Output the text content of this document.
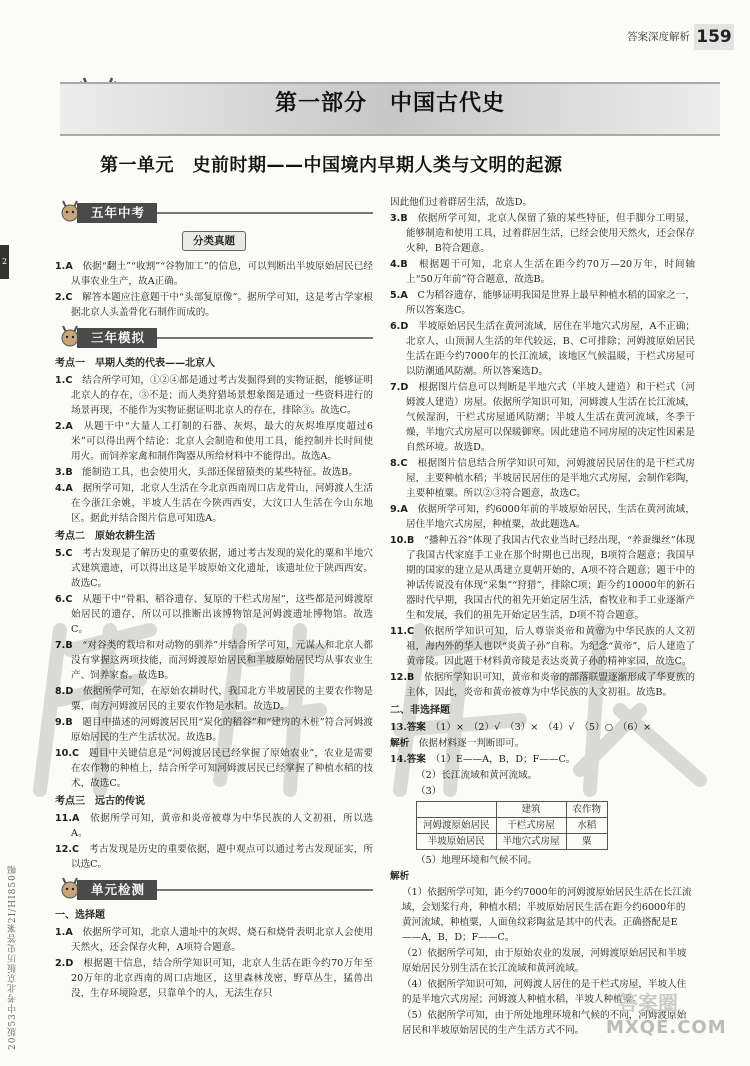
答案深度解析 159
第一部分　中国古代史
第一单元　史前时期——中国境内早期人类与文明的起源
2
20版53中考北京版历史答案2I/HI850幅
五年中考
分类真题
1.A　 依据“翻土”“收割”“谷物加工”的信息，可以判断出半坡原始居民已经从事农业生产，故A正确。
2.C　 解答本题应注意题干中“头部复原像”。据所学可知，这是考古学家根据北京人头盖骨化石制作而成的。
三年模拟
考点一　早期人类的代表——北京人
1.C　 结合所学可知，①②④都是通过考古发掘得到的实物证据，能够证明北京人的存在，③不是；而人类狩猎场景想象图是通过一些资料进行的场景再现，不能作为实物证据证明北京人的存在，排除③。故选C。
2.A　 从题干中“大量人工打制的石器、灰烬，最大的灰烬堆厚度超过6米”可以得出两个结论：北京人会制造和使用工具，能控制并长时间使用火。而饲养家禽和制作陶器从所给材料中不能得出。故选A。
3.B　 能制造工具，也会使用火，头部还保留猿类的某些特征。故选B。
4.A　 据所学可知，北京人生活在今北京西南周口店龙骨山，河姆渡人生活在今浙江余姚，半坡人生活在今陕西西安，大汶口人生活在今山东地区。据此并结合图片信息可知选A。
考点二　原始农耕生活
5.C　 考古发现是了解历史的重要依据，通过考古发现的炭化的粟和半地穴式建筑遗迹，可以得出这是半坡原始文化遗址，该遗址位于陕西西安。故选C。
6.C　 从题干中“骨耜、稻谷遗存、复原的干栏式房屋”，这些都是河姆渡原始居民的遗存，所以可以推断出该博物馆是河姆渡遗址博物馆。故选C。
7.B　 “对谷类的栽培和对动物的驯养”并结合所学可知，元谋人和北京人都没有掌握这两项技能，而河姆渡原始居民和半坡原始居民均从事农业生产、饲养家畜。故选B。
8.D　 依据所学可知，在原始农耕时代，我国北方半坡居民的主要农作物是粟，南方河姆渡居民的主要农作物是水稻。故选D。
9.B　 题目中描述的河姆渡居民用“炭化的稻谷”和“建房的木桩”符合河姆渡原始居民的生产生活状况。故选B。
10.C　 题目中关键信息是“河姆渡居民已经掌握了原始农业”，农业是需要在农作物的种植上，结合所学可知河姆渡居民已经掌握了种植水稻的技术，故选C。
考点三　远古的传说
11.A　 依据所学可知，黄帝和炎帝被尊为中华民族的人文初祖，所以选A。
12.C　 考古发现是历史的重要依据，题中观点可以通过考古发现证实，所以选C。
单元检测
一、选择题
1.A　 依据所学可知，北京人遗址中的灰烬、烧石和烧骨表明北京人会使用天然火，还会保存火种，A项符合题意。
2.D　 根据题干信息，结合所学知识可知，北京人生活在距今约70万年至20万年的北京西南的周口店地区，这里森林茂密，野草丛生，猛兽出没，生存环境险恶，只靠单个的人，无法生存只
因此他们过着群居生活，故选D。
3.B　 依据所学可知，北京人保留了猿的某些特征，但手脚分工明显，能够制造和使用工具，过着群居生活，已经会使用天然火，还会保存火种，B符合题意。
4.B　 根据题干可知，北京人生活在距今约70万—20万年，时间轴上“50万年前”符合题意，故选B。
5.A　 C为稻谷遗存，能够证明我国是世界上最早种植水稻的国家之一，所以答案选C。
6.D　 半坡原始居民生活在黄河流域，居住在半地穴式房屋，A不正确；北京人，山顶洞人生活的年代较远，B、C可排除；河姆渡原始居民生活在距今约7000年的长江流域，该地区气候温暖，干栏式房屋可以防潮通风防潮。所以答案选D。
7.D　 根据图片信息可以判断是半地穴式（半坡人建造）和干栏式（河姆渡人建造）房屋。依据所学知识可知，河姆渡人生活在长江流域，气候湿润，干栏式房屋通风防潮；半坡人生活在黄河流域，冬季干燥，半地穴式房屋可以保暖御寒。因此建造不同房屋的决定性因素是自然环境。故选D。
8.C　 根据图片信息结合所学知识可知，河姆渡居民居住的是干栏式房屋，主要种植水稻；半坡居民居住的是半地穴式房屋，会制作彩陶，主要种植粟。所以②③符合题意，故选C。
9.A　 依据所学可知，约6000年前的半坡原始居民，生活在黄河流域，居住半地穴式房屋，种植粟，故此题选A。
10.B　 “播种五谷”体现了我国古代农业当时已经出现，“养蚕缫丝”体现了我国古代家庭手工业在那个时期也已出现，B项符合题意；我国早期的国家的建立是从禹建立夏朝开始的，A项不符合题意；题干中的神话传说没有体现“采集”“狩猎”，排除C项；距今约10000年的新石器时代早期，我国古代的祖先开始定居生活，畜牧业和手工业逐渐产生和发展，我们的祖先开始定居生活，D项不符合题意。
11.C　 依据所学知识可知，后人尊崇炎帝和黄帝为中华民族的人文初祖，海内外的华人也以“炎黄子孙”自称。为纪念“黄帝”，后人建造了黄帝陵。因此题干材料黄帝陵是表达炎黄子孙的精神家园，故选C。
12.B　 依据所学知识可知，黄帝和炎帝的部落联盟逐渐形成了华夏族的主体，因此，炎帝和黄帝被尊为中华民族的人文初祖。故选B。
二、非选择题
13.答案　 （1）×　（2）√　（3）×　（4）√　（5）○　（6）×
解析　 依据材料逐一判断即可。
14.答案　 （1）E——A，B，D；F——C。
（2）长江流域和黄河流域。
（3）
	建筑	农作物
河姆渡原始居民	干栏式房屋	水稻
半坡原始居民	半地穴式房屋	粟
（5）地理环境和气候不同。
解析
（1）依据所学可知，距今约7000年的河姆渡原始居民生活在长江流域，会划桨行舟，种植水稻；半坡原始居民生活在距今约6000年的黄河流域，种植粟，人面鱼纹彩陶盆是其中的代表。正确搭配是E——A，B，D；F——C。
（2）依据所学可知，由于原始农业的发展，河姆渡原始居民和半坡原始居民分别生活在长江流域和黄河流域。
（4）依据所学知识可知，河姆渡人居住的是干栏式房屋，半坡人住的是半地穴式房屋；河姆渡人种植水稻，半坡人种植粟。
（5）依据所学可知，由于所处地理环境和气候的不同，河姆渡原始居民和半坡原始居民的生产生活方式不同。
答案圈
MXQE.COM
